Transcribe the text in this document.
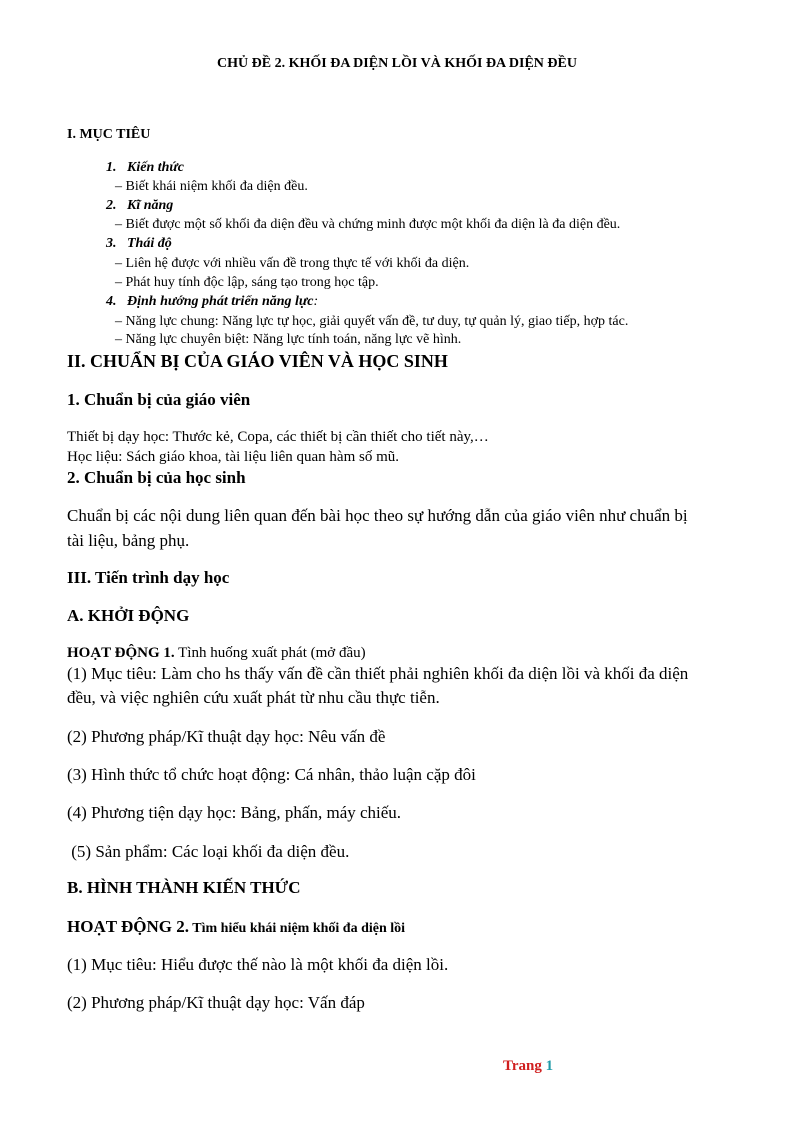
CHỦ ĐỀ 2. KHỐI ĐA DIỆN LỒI VÀ KHỐI ĐA DIỆN ĐỀU
I. MỤC TIÊU
1. Kiến thức
– Biết khái niệm khối đa diện đều.
2. Kĩ năng
– Biết được một số khối đa diện đều và chứng minh được một khối đa diện là đa diện đều.
3. Thái độ
– Liên hệ được với nhiều vấn đề trong thực tế với khối đa diện.
– Phát huy tính độc lập, sáng tạo trong học tập.
4. Định hướng phát triển năng lực:
– Năng lực chung: Năng lực tự học, giải quyết vấn đề, tư duy, tự quản lý, giao tiếp, hợp tác.
– Năng lực chuyên biệt: Năng lực tính toán, năng lực vẽ hình.
II. CHUẨN BỊ CỦA GIÁO VIÊN VÀ HỌC SINH
1. Chuẩn bị của giáo viên
Thiết bị dạy học: Thước kẻ, Copa, các thiết bị cần thiết cho tiết này,…
Học liệu: Sách giáo khoa, tài liệu liên quan hàm số mũ.
2. Chuẩn bị của học sinh
Chuẩn bị các nội dung liên quan đến bài học theo sự hướng dẫn của giáo viên như chuẩn bị
tài liệu, bảng phụ.
III. Tiến trình dạy học
A. KHỞI ĐỘNG
HOẠT ĐỘNG 1. Tình huống xuất phát (mở đầu)
(1) Mục tiêu: Làm cho hs thấy vấn đề cần thiết phải nghiên khối đa diện lồi và khối đa diện
đều, và việc nghiên cứu xuất phát từ nhu cầu thực tiễn.
(2) Phương pháp/Kĩ thuật dạy học: Nêu vấn đề
(3) Hình thức tổ chức hoạt động: Cá nhân, thảo luận cặp đôi
(4) Phương tiện dạy học: Bảng, phấn, máy chiếu.
(5) Sản phẩm: Các loại khối đa diện đều.
B. HÌNH THÀNH KIẾN THỨC
HOẠT ĐỘNG 2. Tìm hiểu khái niệm khối đa diện lồi
(1) Mục tiêu: Hiểu được thế nào là một khối đa diện lồi.
(2) Phương pháp/Kĩ thuật dạy học: Vấn đáp
Trang 1
